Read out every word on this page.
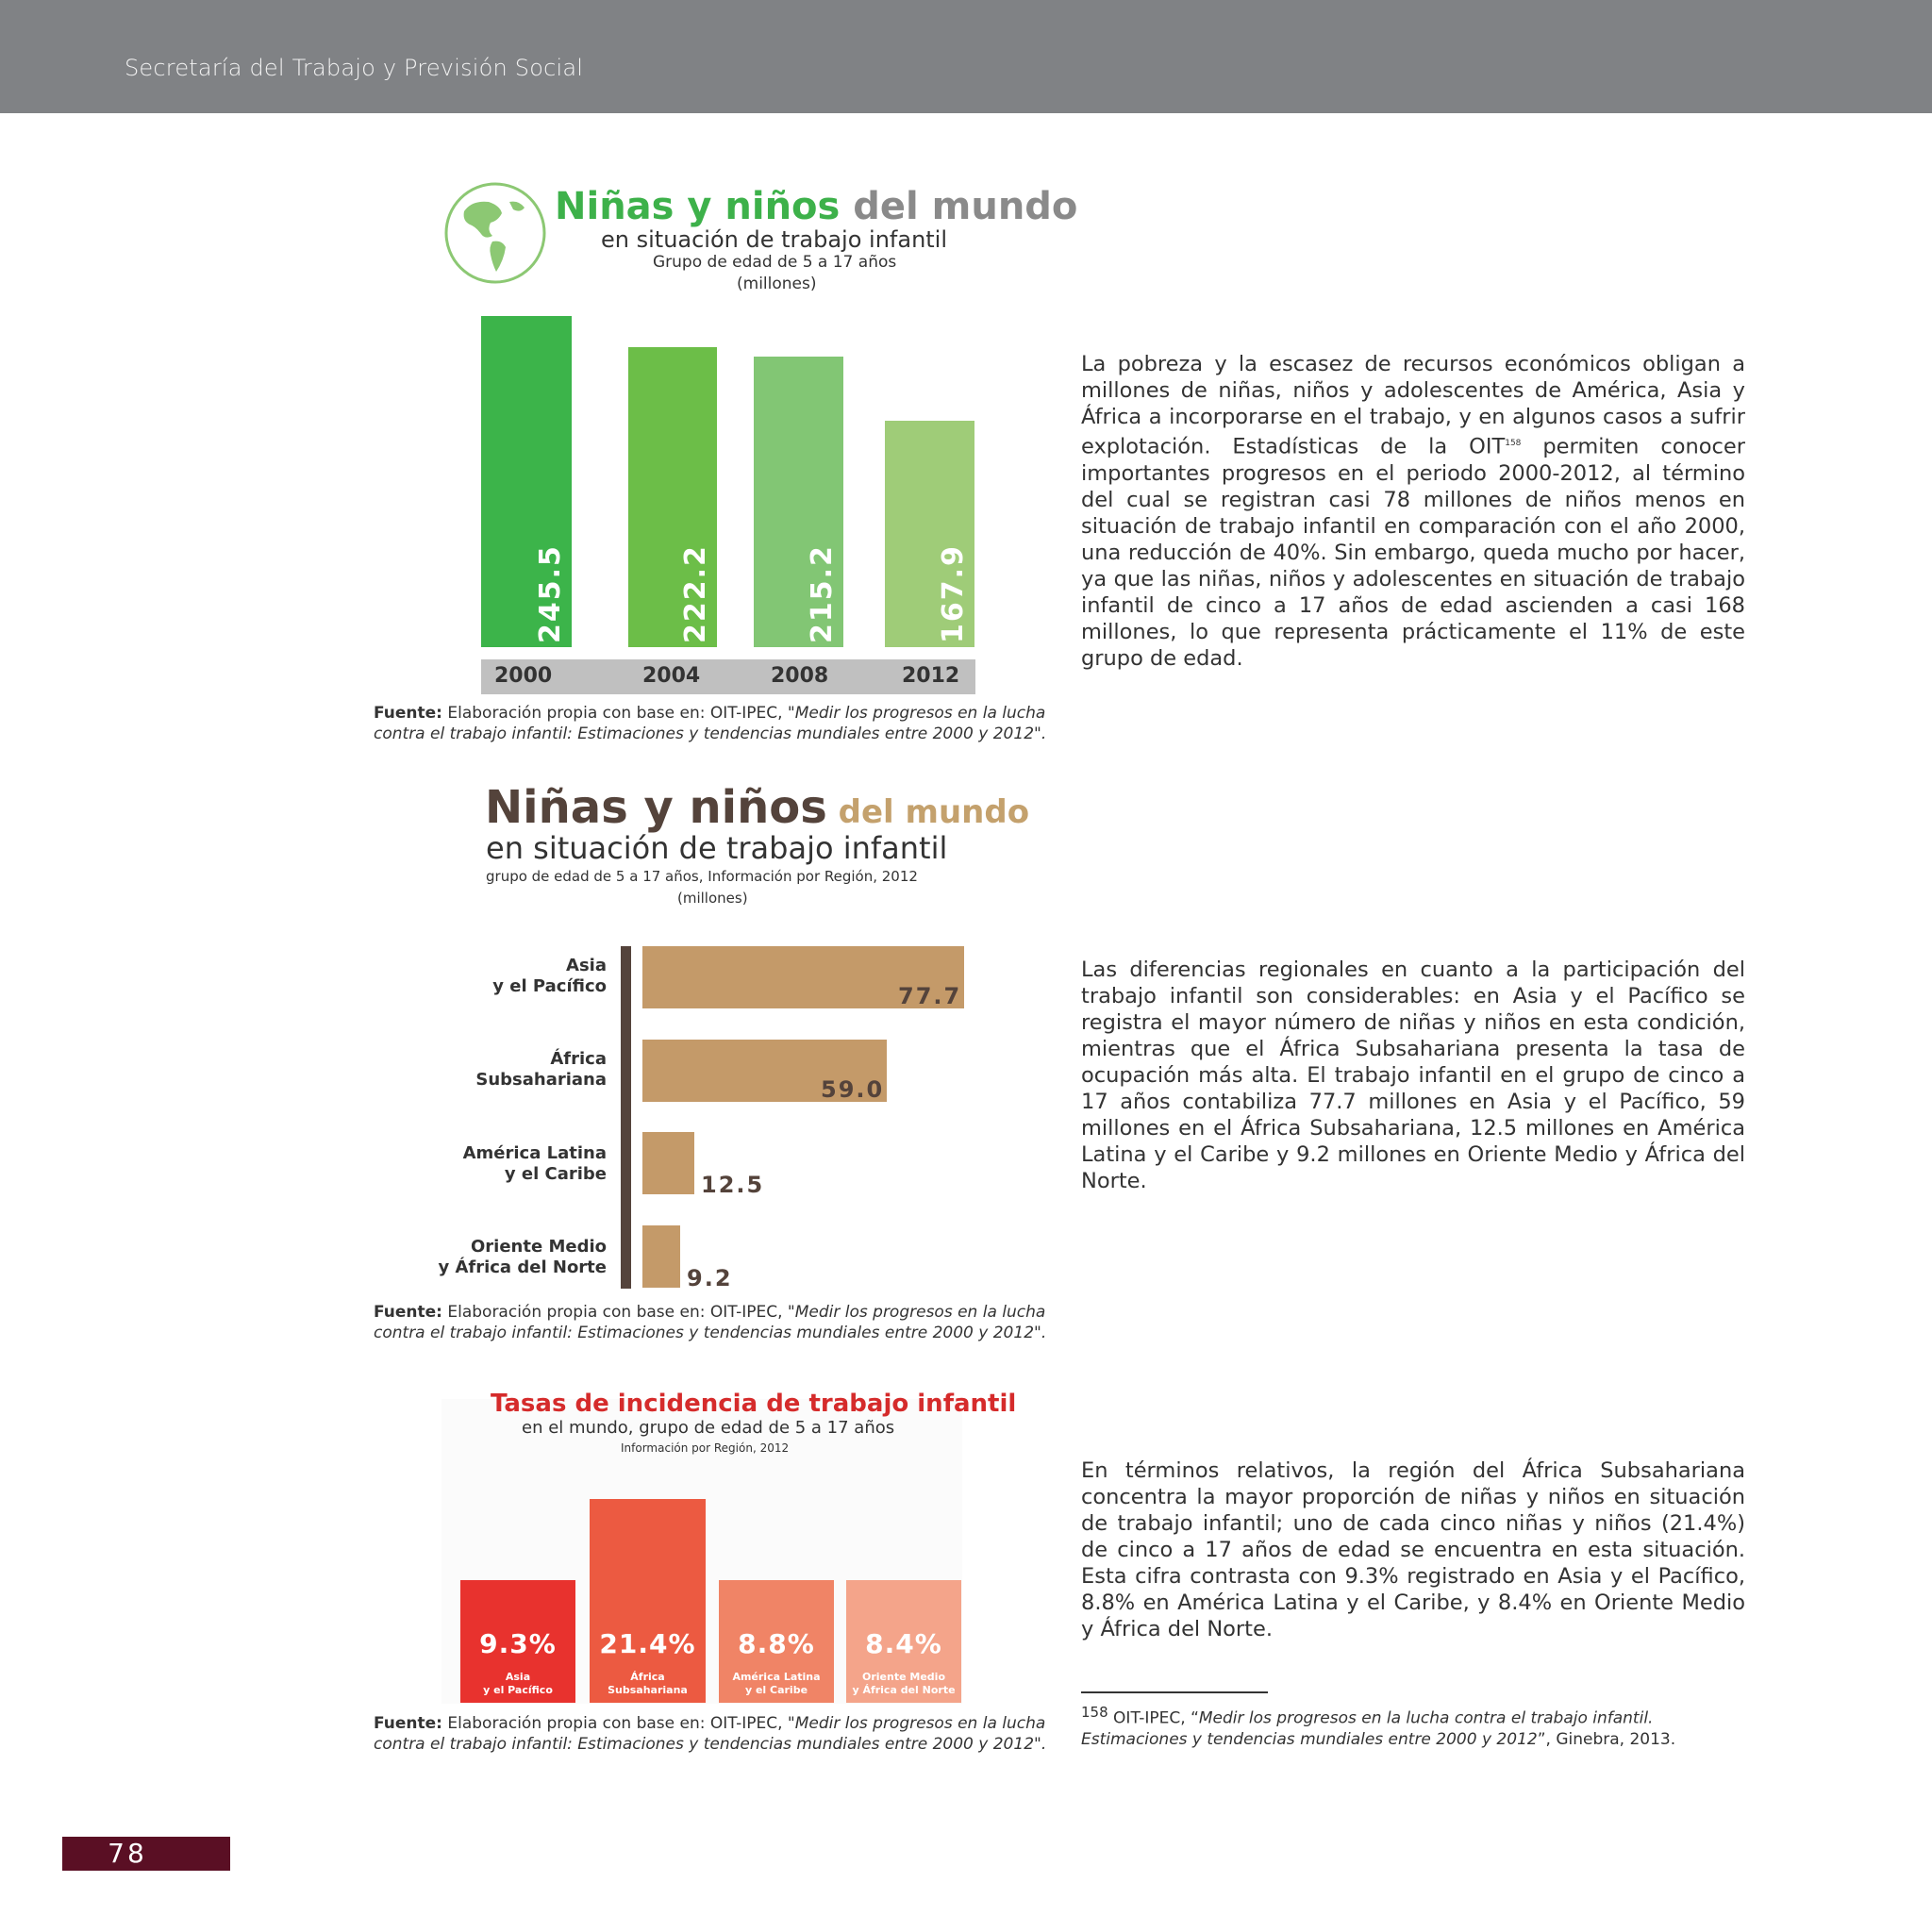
Secretaría del Trabajo y Previsión Social
Niñas y niños del mundo
en situación de trabajo infantil
Grupo de edad de 5 a 17 años
(millones)
245.5	222.2	215.2	167.9
2000	2004	2008	2012
Fuente: Elaboración propia con base en: OIT-IPEC, "Medir los progresos en la lucha
contra el trabajo infantil: Estimaciones y tendencias mundiales entre 2000 y 2012".
Niñas y niños del mundo
en situación de trabajo infantil
grupo de edad de 5 a 17 años, Información por Región, 2012
(millones)
77.7
Asia
y el Pacífico
59.0
África
Subsahariana
12.5
América Latina
y el Caribe
9.2
Oriente Medio
y África del Norte
Fuente: Elaboración propia con base en: OIT-IPEC, "Medir los progresos en la lucha
contra el trabajo infantil: Estimaciones y tendencias mundiales entre 2000 y 2012".
Tasas de incidencia de trabajo infantil
en el mundo, grupo de edad de 5 a 17 años
Información por Región, 2012
9.3%
Asia
y el Pacífico
21.4%
África
Subsahariana
8.8%
América Latina
y el Caribe
8.4%
Oriente Medio
y África del Norte
Fuente: Elaboración propia con base en: OIT-IPEC, "Medir los progresos en la lucha
contra el trabajo infantil: Estimaciones y tendencias mundiales entre 2000 y 2012".
La pobreza y la escasez de recursos económicos obligan a millones de niñas, niños y adolescentes de América, Asia y África a incorporarse en el trabajo, y en algunos casos a sufrir explotación. Estadísticas de la OIT$^{158}$ permiten conocer importantes progresos en el periodo 2000-2012, al término del cual se registran casi 78 millones de niños menos en situación de trabajo infantil en comparación con el año 2000, una reducción de 40%. Sin embargo, queda mucho por hacer, ya que las niñas, niños y adolescentes en situación de trabajo infantil de cinco a 17 años de edad ascienden a casi 168 millones, lo que representa prácticamente el 11% de este grupo de edad.
Las diferencias regionales en cuanto a la participación del trabajo infantil son considerables: en Asia y el Pacífico se registra el mayor número de niñas y niños en esta condición, mientras que el África Subsahariana presenta la tasa de ocupación más alta. El trabajo infantil en el grupo de cinco a 17 años contabiliza 77.7 millones en Asia y el Pacífico, 59 millones en el África Subsahariana, 12.5 millones en América Latina y el Caribe y 9.2 millones en Oriente Medio y África del Norte.
En términos relativos, la región del África Subsahariana concentra la mayor proporción de niñas y niños en situación de trabajo infantil; uno de cada cinco niñas y niños (21.4%) de cinco a 17 años de edad se encuentra en esta situación. Esta cifra contrasta con 9.3% registrado en Asia y el Pacífico, 8.8% en América Latina y el Caribe, y 8.4% en Oriente Medio y África del Norte.
$^{158}$ OIT-IPEC, “Medir los progresos en la lucha contra el trabajo infantil. Estimaciones y tendencias mundiales entre 2000 y 2012”, Ginebra, 2013.
78
